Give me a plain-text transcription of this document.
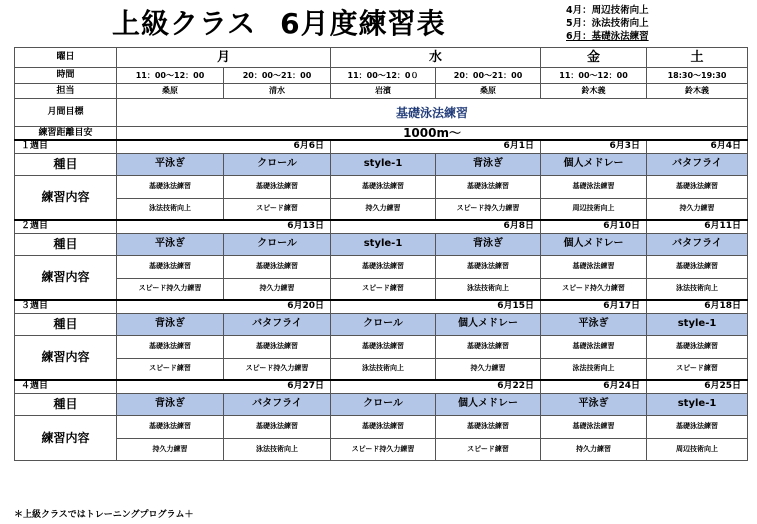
上級クラス 6月度練習表	4月：周辺技術向上
5月：泳法技術向上
6月：基礎泳法練習
曜日	月		水		金	土
時間	11：00～12：00	20：00～21：00	11：00～12：0０	20：00～21：00	11：00～12：00	18:30～19:30
担当	桑原	清水	岩濱	桑原	鈴木義	鈴木義
月間目標	基礎泳法練習					
練習距離目安	1000m～					
１週目	6月6日		6月1日		6月3日	6月4日
種目	平泳ぎ	クロール	style-1	背泳ぎ	個人メドレー	バタフライ
練習内容	基礎泳法練習	基礎泳法練習	基礎泳法練習	基礎泳法練習	基礎泳法練習	基礎泳法練習
	泳法技術向上	スピード練習	持久力練習	スピード持久力練習	周辺技術向上	持久力練習
２週目	6月13日		6月8日		6月10日	6月11日
種目	平泳ぎ	クロール	style-1	背泳ぎ	個人メドレー	バタフライ
練習内容	基礎泳法練習	基礎泳法練習	基礎泳法練習	基礎泳法練習	基礎泳法練習	基礎泳法練習
	スピード持久力練習	持久力練習	スピード練習	泳法技術向上	スピード持久力練習	泳法技術向上
３週目	6月20日		6月15日		6月17日	6月18日
種目	背泳ぎ	バタフライ	クロール	個人メドレー	平泳ぎ	style-1
練習内容	基礎泳法練習	基礎泳法練習	基礎泳法練習	基礎泳法練習	基礎泳法練習	基礎泳法練習
	スピード練習	スピード持久力練習	泳法技術向上	持久力練習	泳法技術向上	スピード練習
４週目	6月27日		6月22日		6月24日	6月25日
種目	背泳ぎ	バタフライ	クロール	個人メドレー	平泳ぎ	style-1
練習内容	基礎泳法練習	基礎泳法練習	基礎泳法練習	基礎泳法練習	基礎泳法練習	基礎泳法練習
	持久力練習	泳法技術向上	スピード持久力練習	スピード練習	持久力練習	周辺技術向上
＊上級クラスではトレーニングプログラム＋
